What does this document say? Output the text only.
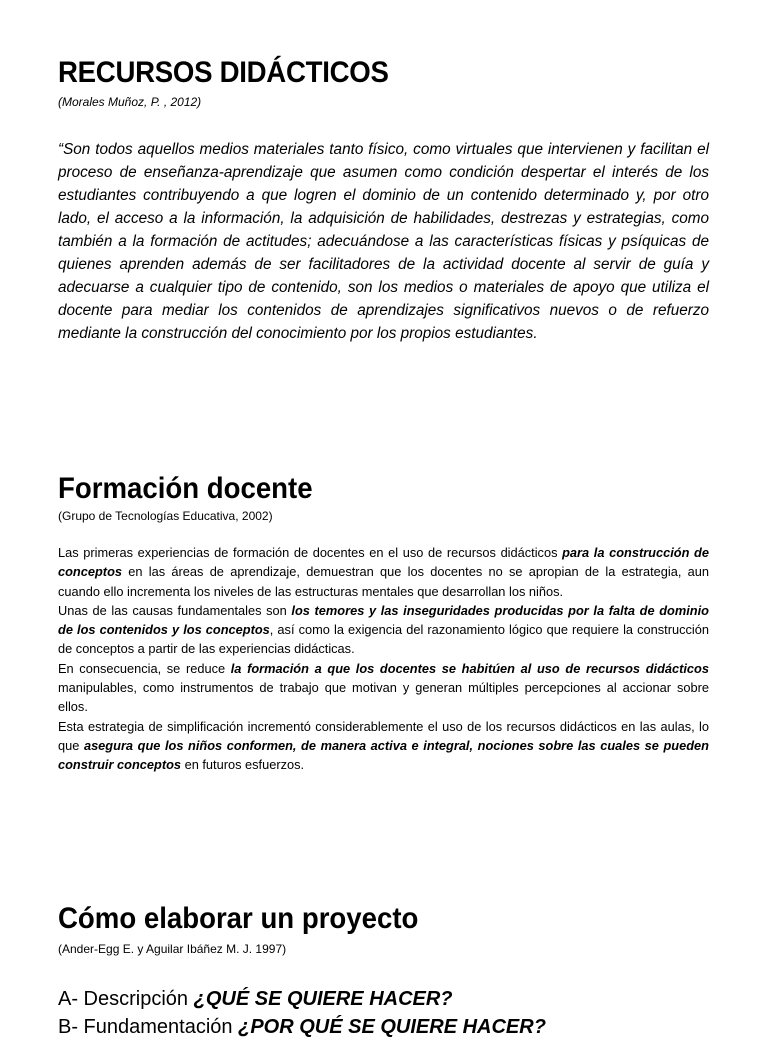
RECURSOS DIDÁCTICOS
(Morales Muñoz, P. , 2012)

“Son todos aquellos medios materiales tanto físico, como virtuales que intervienen y facilitan el proceso de enseñanza-aprendizaje que asumen como condición despertar el interés de los estudiantes contribuyendo a que logren el dominio de un contenido determinado y, por otro lado, el acceso a la información, la adquisición de habilidades, destrezas y estrategias, como también a la formación de actitudes; adecuándose a las características físicas y psíquicas de quienes aprenden además de ser facilitadores de la actividad docente al servir de guía y adecuarse a cualquier tipo de contenido, son los medios o materiales de apoyo que utiliza el docente para mediar los contenidos de aprendizajes significativos nuevos o de refuerzo mediante la construcción del conocimiento por los propios estudiantes.

Formación docente
(Grupo de Tecnologías Educativa, 2002)

Las primeras experiencias de formación de docentes en el uso de recursos didácticos para la construcción de conceptos en las áreas de aprendizaje, demuestran que los docentes no se apropian de la estrategia, aun cuando ello incrementa los niveles de las estructuras mentales que desarrollan los niños.

Unas de las causas fundamentales son los temores y las inseguridades producidas por la falta de dominio de los contenidos y los conceptos, así como la exigencia del razonamiento lógico que requiere la construcción de conceptos a partir de las experiencias didácticas.

En consecuencia, se reduce la formación a que los docentes se habitúen al uso de recursos didácticos manipulables, como instrumentos de trabajo que motivan y generan múltiples percepciones al accionar sobre ellos.

Esta estrategia de simplificación incrementó considerablemente el uso de los recursos didácticos en las aulas, lo que asegura que los niños conformen, de manera activa e integral, nociones sobre las cuales se pueden construir conceptos en futuros esfuerzos.

Cómo elaborar un proyecto
(Ander-Egg E. y Aguilar Ibáñez M. J. 1997)
A- Descripción ¿QUÉ SE QUIERE HACER?
B- Fundamentación ¿POR QUÉ SE QUIERE HACER?
